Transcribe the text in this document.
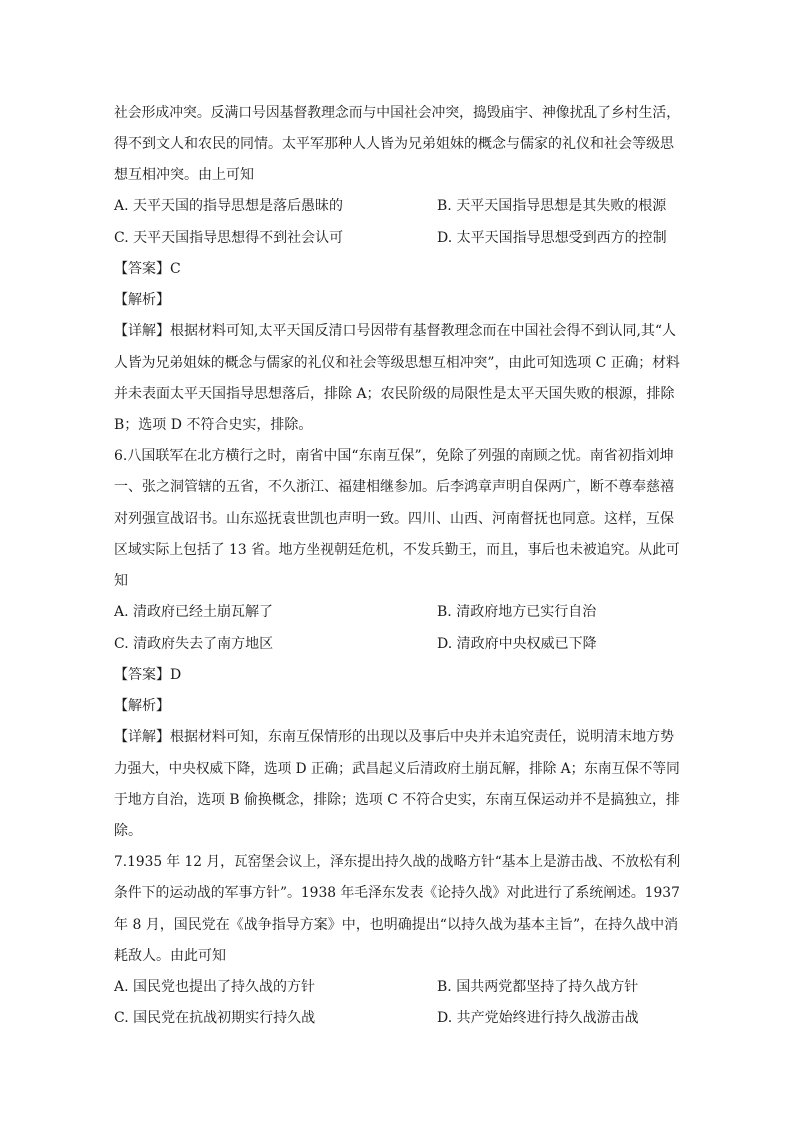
社会形成冲突。反满口号因基督教理念而与中国社会冲突，捣毁庙宇、神像扰乱了乡村生活，
得不到文人和农民的同情。太平军那种人人皆为兄弟姐妹的概念与儒家的礼仪和社会等级思
想互相冲突。由上可知
A. 天平天国的指导思想是落后愚昧的	B. 天平天国指导思想是其失败的根源
C. 天平天国指导思想得不到社会认可	D. 太平天国指导思想受到西方的控制
【答案】C
【解析】
【详解】根据材料可知,太平天国反清口号因带有基督教理念而在中国社会得不到认同,其“人
人皆为兄弟姐妹的概念与儒家的礼仪和社会等级思想互相冲突”，由此可知选项 C 正确；材料
并未表面太平天国指导思想落后，排除 A；农民阶级的局限性是太平天国失败的根源，排除
B；选项 D 不符合史实，排除。
6.八国联军在北方横行之时，南省中国“东南互保”，免除了列强的南顾之忧。南省初指刘坤
一、张之洞管辖的五省，不久浙江、福建相继参加。后李鸿章声明自保两广，断不尊奉慈禧
对列强宣战诏书。山东巡抚袁世凯也声明一致。四川、山西、河南督抚也同意。这样，互保
区域实际上包括了 13 省。地方坐视朝廷危机，不发兵勤王，而且，事后也未被追究。从此可
知
A. 清政府已经土崩瓦解了	B. 清政府地方已实行自治
C. 清政府失去了南方地区	D. 清政府中央权威已下降
【答案】D
【解析】
【详解】根据材料可知，东南互保情形的出现以及事后中央并未追究责任，说明清末地方势
力强大，中央权威下降，选项 D 正确；武昌起义后清政府土崩瓦解，排除 A；东南互保不等同
于地方自治，选项 B 偷换概念，排除；选项 C 不符合史实，东南互保运动并不是搞独立，排
除。
7.1935 年 12 月，瓦窑堡会议上，泽东提出持久战的战略方针“基本上是游击战、不放松有利
条件下的运动战的军事方针”。1938 年毛泽东发表《论持久战》对此进行了系统阐述。1937
年 8 月，国民党在《战争指导方案》中，也明确提出“以持久战为基本主旨”，在持久战中消
耗敌人。由此可知
A. 国民党也提出了持久战的方针	B. 国共两党都坚持了持久战方针
C. 国民党在抗战初期实行持久战	D. 共产党始终进行持久战游击战
